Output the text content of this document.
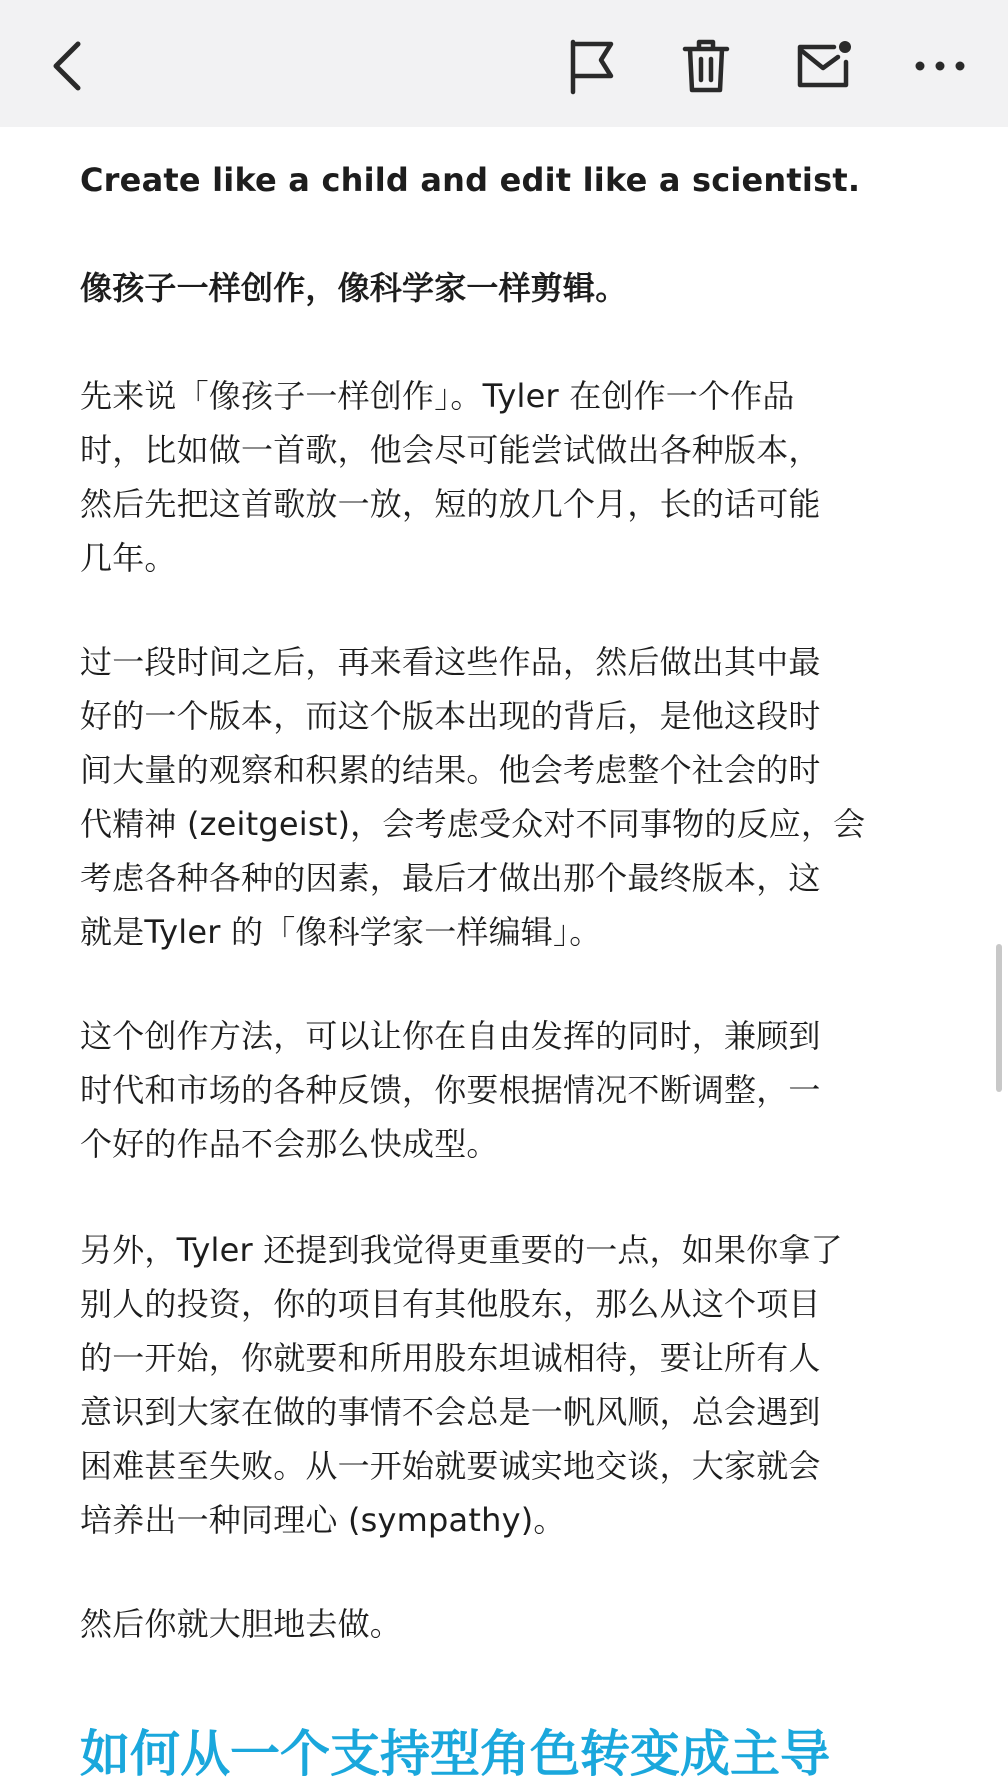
Create like a child and edit like a scientist.

像孩子一样创作，像科学家一样剪辑。

先来说「像孩子一样创作」。Tyler 在创作一个作品
时，比如做一首歌，他会尽可能尝试做出各种版本，
然后先把这首歌放一放，短的放几个月，长的话可能
几年。

过一段时间之后，再来看这些作品，然后做出其中最
好的一个版本，而这个版本出现的背后，是他这段时
间大量的观察和积累的结果。他会考虑整个社会的时
代精神 (zeitgeist)，会考虑受众对不同事物的反应，会
考虑各种各种的因素，最后才做出那个最终版本，这
就是Tyler 的「像科学家一样编辑」。

这个创作方法，可以让你在自由发挥的同时，兼顾到
时代和市场的各种反馈，你要根据情况不断调整，一
个好的作品不会那么快成型。

另外，Tyler 还提到我觉得更重要的一点，如果你拿了
别人的投资，你的项目有其他股东，那么从这个项目
的一开始，你就要和所用股东坦诚相待，要让所有人
意识到大家在做的事情不会总是一帆风顺，总会遇到
困难甚至失败。从一开始就要诚实地交谈，大家就会
培养出一种同理心 (sympathy)。

然后你就大胆地去做。

如何从一个支持型角色转变成主导
